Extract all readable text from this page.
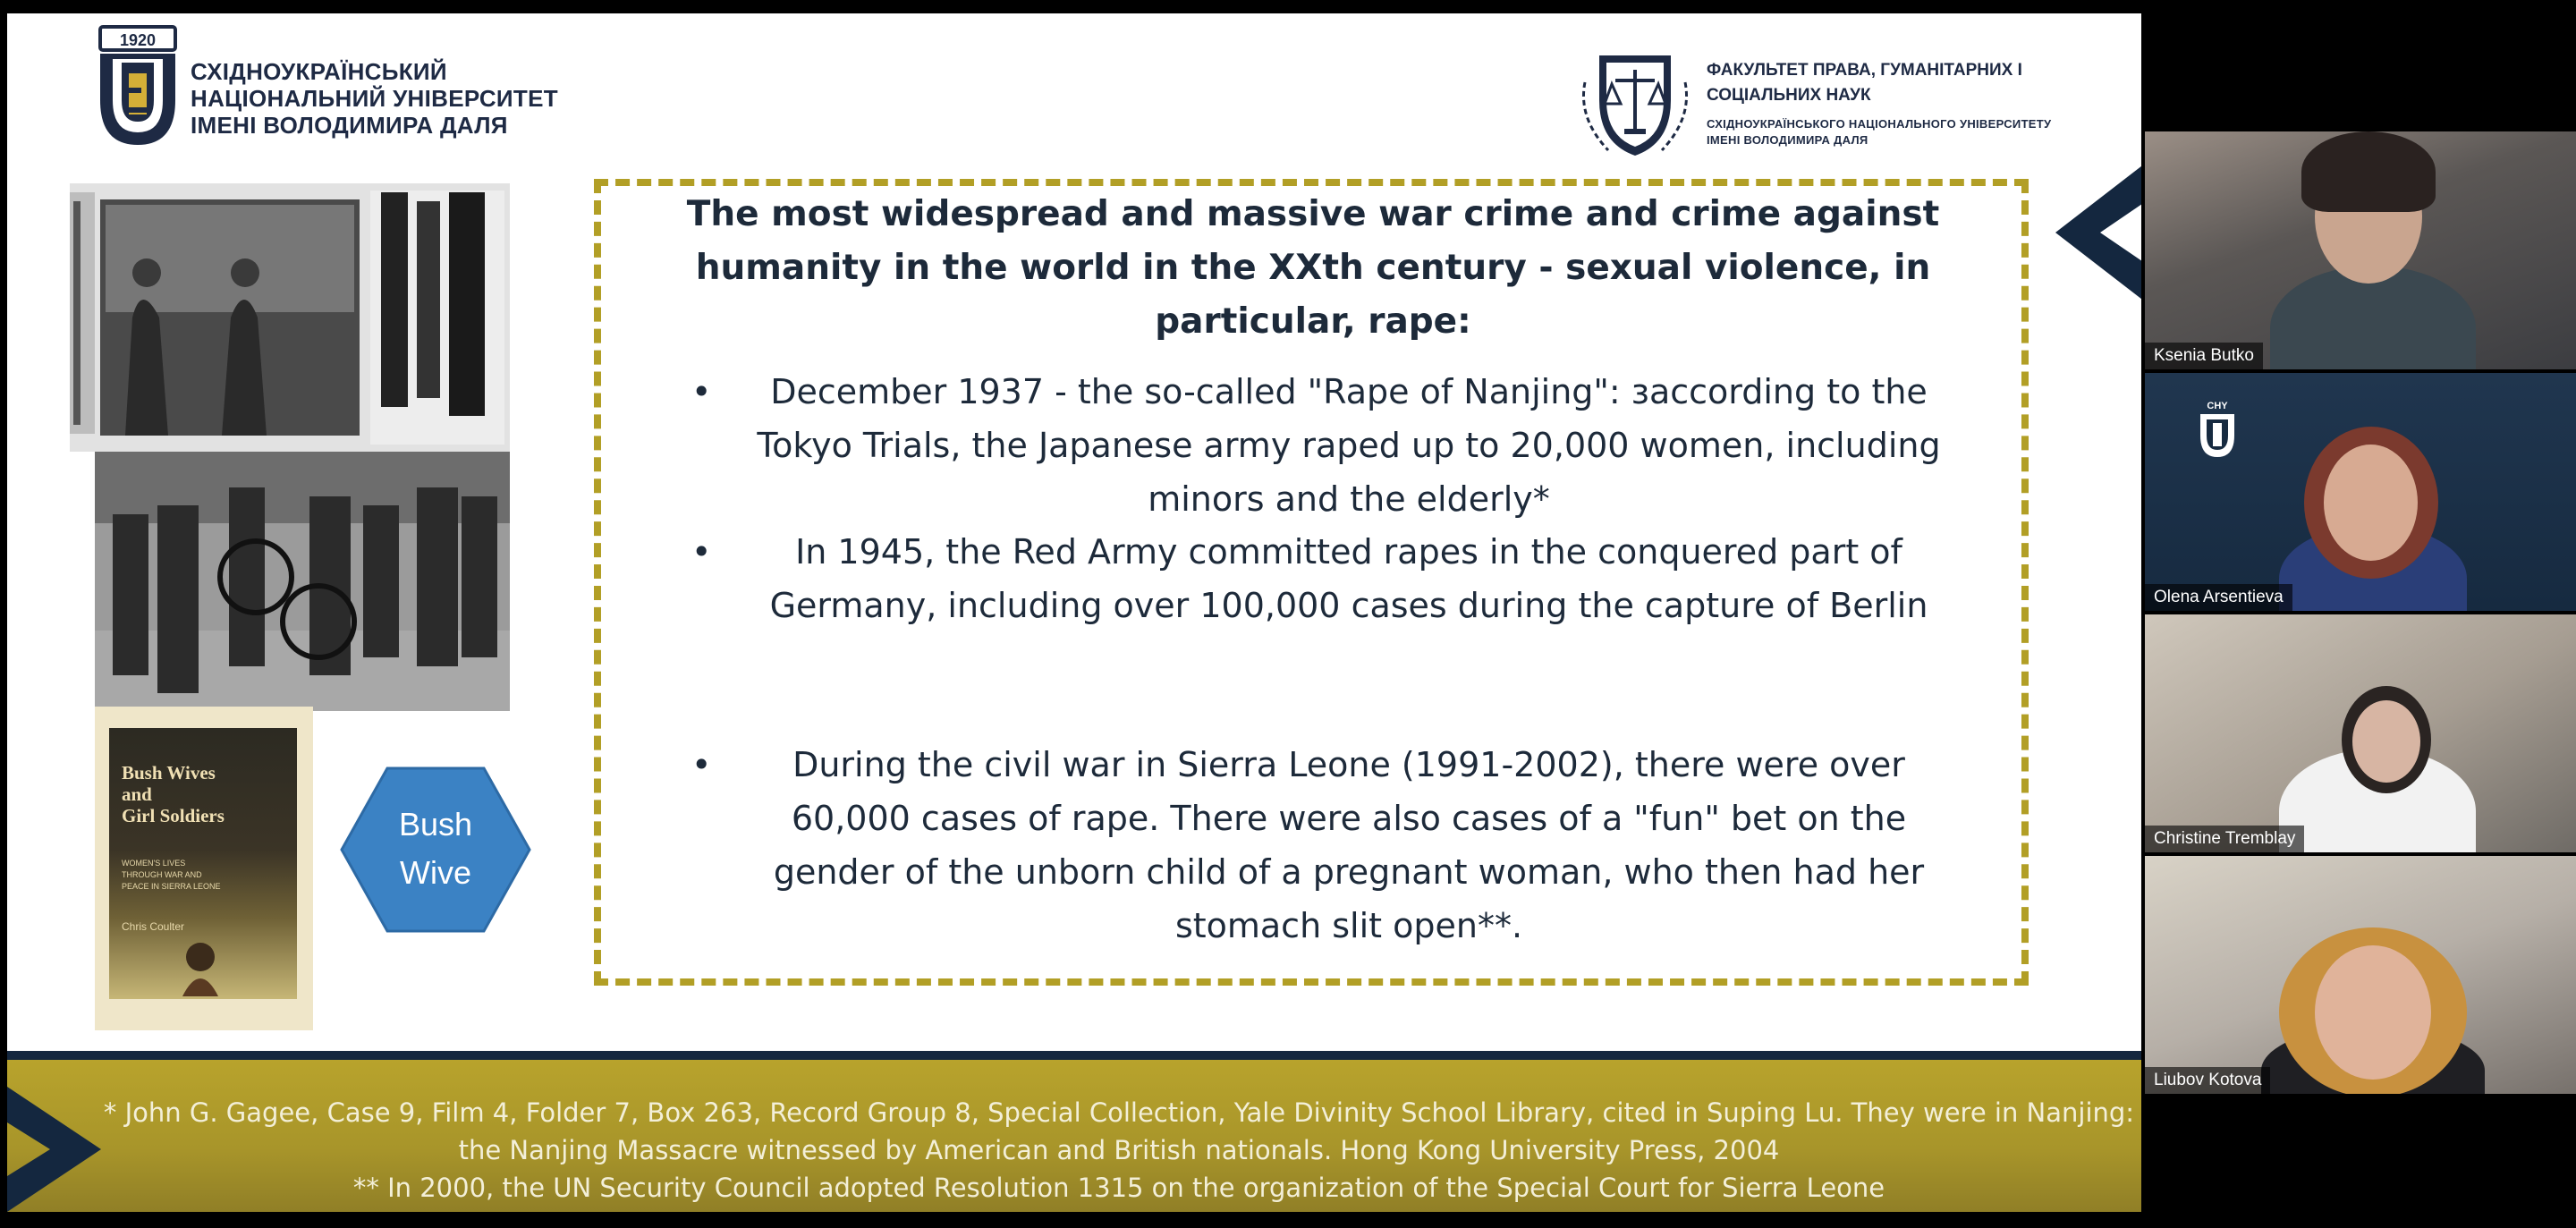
1920
СХІДНОУКРАЇНСЬКИЙ
НАЦІОНАЛЬНИЙ УНІВЕРСИТЕТ
ІМЕНІ ВОЛОДИМИРА ДАЛЯ
ФАКУЛЬТЕТ ПРАВА, ГУМАНІТАРНИХ І
СОЦІАЛЬНИХ НАУК
СХІДНОУКРАЇНСЬКОГО НАЦІОНАЛЬНОГО УНІВЕРСИТЕТУ
ІМЕНІ ВОЛОДИМИРА ДАЛЯ
Bush Wives
and
Girl Soldiers
WOMEN'S LIVES
THROUGH WAR AND
PEACE IN SIERRA LEONE
Chris Coulter
Bush
Wive
The most widespread and massive war crime and crime against humanity in the world in the XXth century - sexual violence, in particular, rape:
•	December 1937 - the so-called "Rape of Nanjing": заccording to the Tokyo Trials, the Japanese army raped up to 20,000 women, including minors and the elderly*
•	In 1945, the Red Army committed rapes in the conquered part of Germany, including over 100,000 cases during the capture of Berlin
•	During the civil war in Sierra Leone (1991-2002), there were over 60,000 cases of rape. There were also cases of a "fun" bet on the gender of the unborn child of a pregnant woman, who then had her stomach slit open**.
* John G. Gagee, Case 9, Film 4, Folder 7, Box 263, Record Group 8, Special Collection, Yale Divinity School Library, cited in Suping Lu. They were in Nanjing:
the Nanjing Massacre witnessed by American and British nationals. Hong Kong University Press, 2004
** In 2000, the UN Security Council adopted Resolution 1315 on the organization of the Special Court for Sierra Leone
Ksenia Butko
CHY
Olena Arsentieva
Christine Tremblay
Liubov Kotova
